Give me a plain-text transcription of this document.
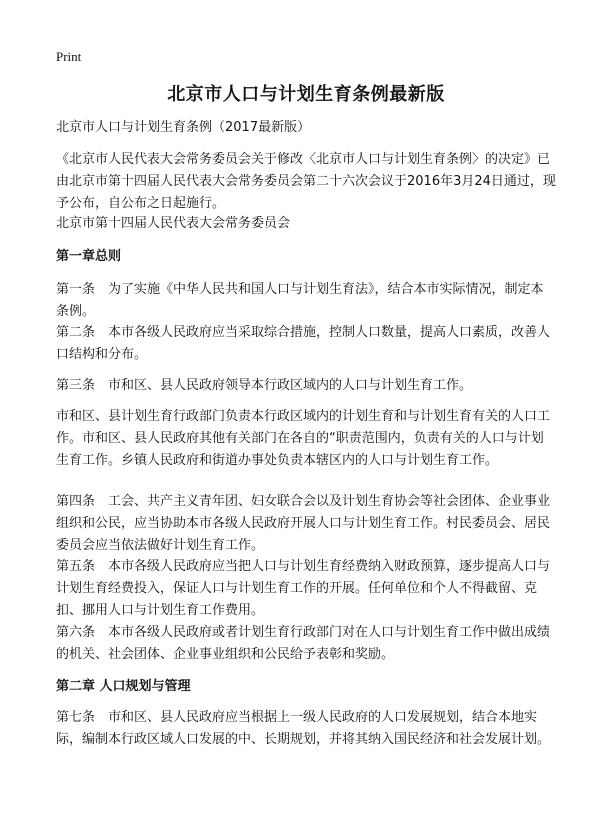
Print
北京市人口与计划生育条例最新版

北京市人口与计划生育条例（2017最新版）

《北京市人民代表大会常务委员会关于修改〈北京市人口与计划生育条例〉的决定》已由北京市第十四届人民代表大会常务委员会第二十六次会议于2016年3月24日通过，现予公布，自公布之日起施行。

北京市第十四届人民代表大会常务委员会

第一章总则

第一条　为了实施《中华人民共和国人口与计划生育法》，结合本市实际情况，制定本条例。

第二条　本市各级人民政府应当采取综合措施，控制人口数量，提高人口素质，改善人口结构和分布。

第三条　市和区、县人民政府领导本行政区域内的人口与计划生育工作。

市和区、县计划生育行政部门负责本行政区域内的计划生育和与计划生育有关的人口工作。市和区、县人民政府其他有关部门在各自的“职责范围内，负责有关的人口与计划生育工作。乡镇人民政府和街道办事处负责本辖区内的人口与计划生育工作。

第四条　工会、共产主义青年团、妇女联合会以及计划生育协会等社会团体、企业事业组织和公民，应当协助本市各级人民政府开展人口与计划生育工作。村民委员会、居民委员会应当依法做好计划生育工作。

第五条　本市各级人民政府应当把人口与计划生育经费纳入财政预算，逐步提高人口与计划生育经费投入，保证人口与计划生育工作的开展。任何单位和个人不得截留、克扣、挪用人口与计划生育工作费用。

第六条　本市各级人民政府或者计划生育行政部门对在人口与计划生育工作中做出成绩的机关、社会团体、企业事业组织和公民给予表彰和奖励。

第二章 人口规划与管理

第七条　市和区、县人民政府应当根据上一级人民政府的人口发展规划，结合本地实际，编制本行政区域人口发展的中、长期规划，并将其纳入国民经济和社会发展计划。
